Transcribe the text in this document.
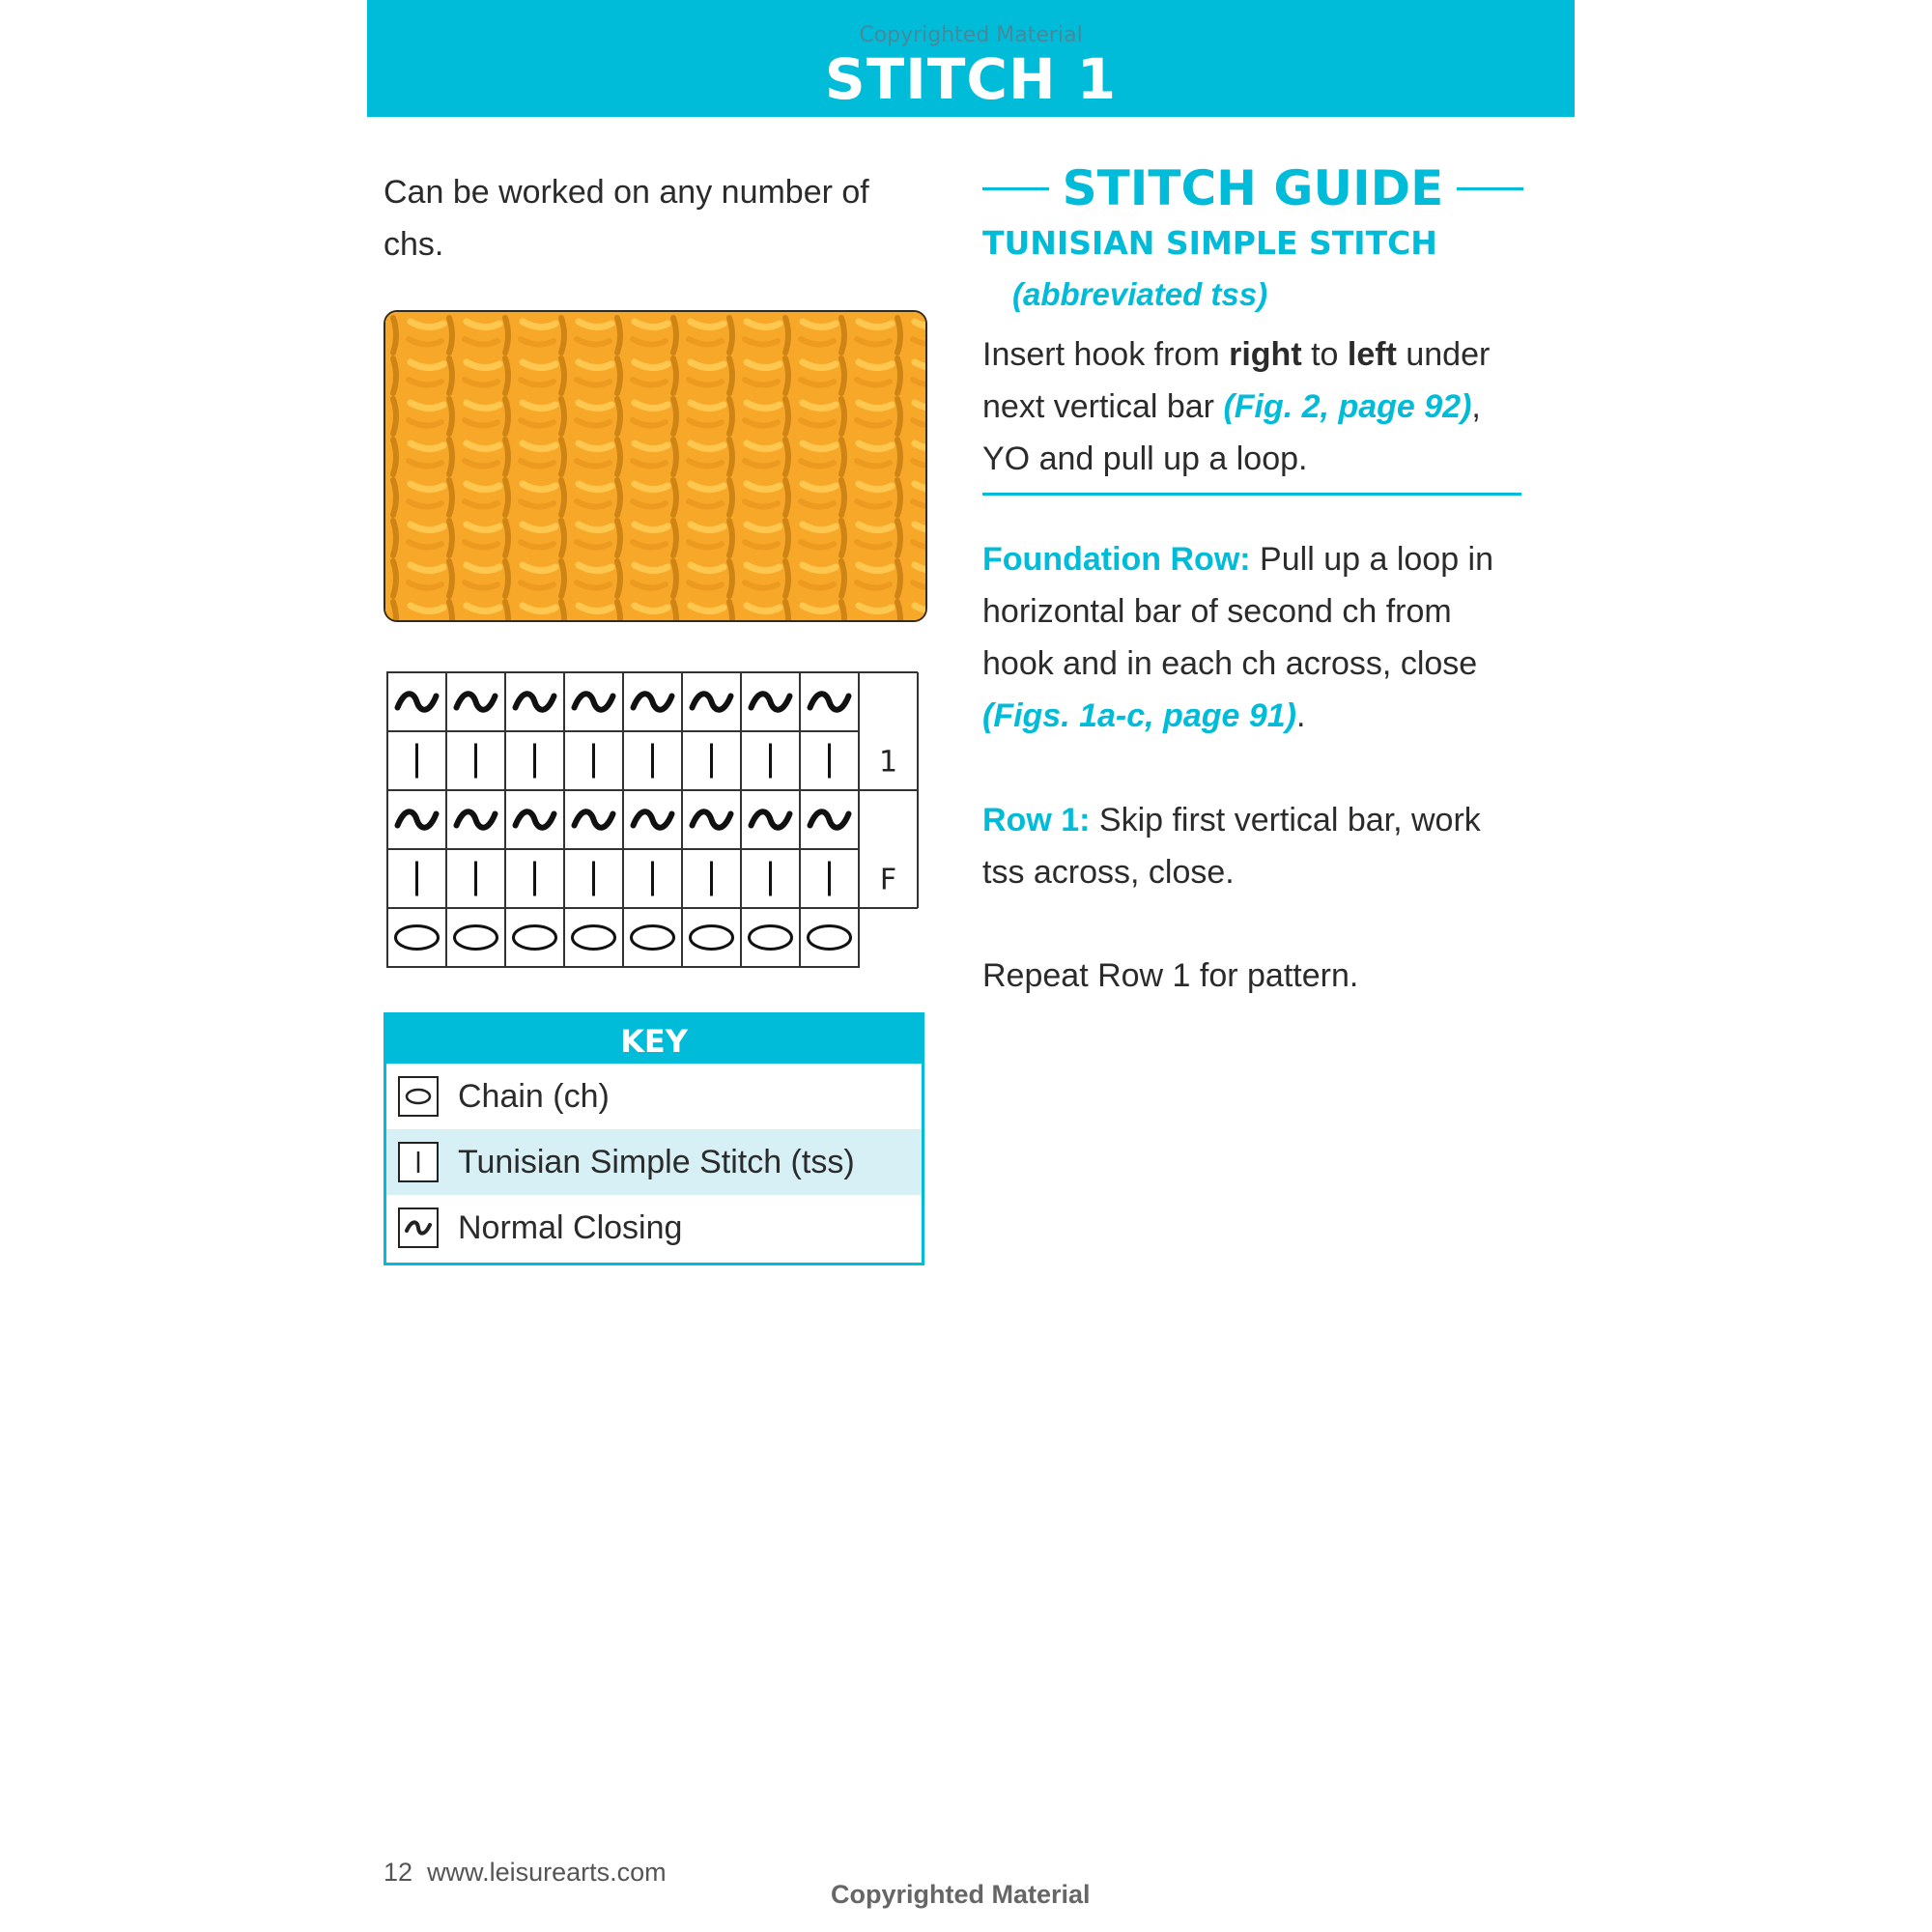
Copyrighted Material
STITCH 1
Can be worked on any number of chs.
1
F
KEY
Chain (ch)
Tunisian Simple Stitch (tss)
Normal Closing
STITCH GUIDE
TUNISIAN SIMPLE STITCH
(abbreviated tss)
Insert hook from right to left under next vertical bar (Fig. 2, page 92), YO and pull up a loop.
Foundation Row: Pull up a loop in horizontal bar of second ch from hook and in each ch across, close (Figs. 1a-c, page 91).
Row 1: Skip first vertical bar, work tss across, close.
Repeat Row 1 for pattern.
12 www.leisurearts.com
Copyrighted Material
